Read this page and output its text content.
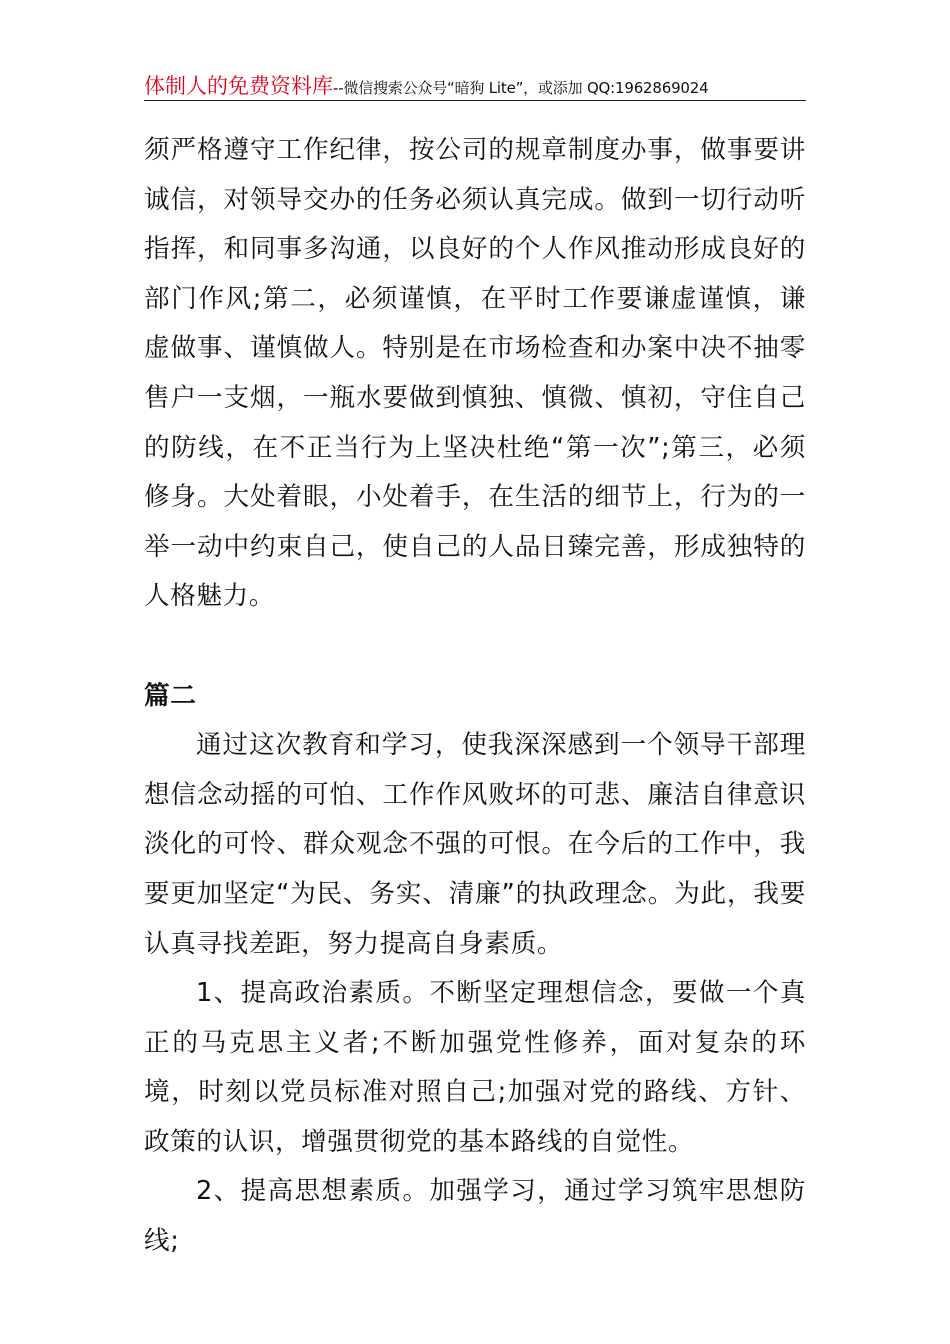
体制人的免费资料库--微信搜索公众号“暗狗 Lite”，或添加 QQ:1962869024

须严格遵守工作纪律，按公司的规章制度办事，做事要讲诚信，对领导交办的任务必须认真完成。做到一切行动听指挥，和同事多沟通，以良好的个人作风推动形成良好的部门作风;第二，必须谨慎，在平时工作要谦虚谨慎，谦虚做事、谨慎做人。特别是在市场检查和办案中决不抽零售户一支烟，一瓶水要做到慎独、慎微、慎初，守住自己的防线，在不正当行为上坚决杜绝“第一次”;第三，必须修身。大处着眼，小处着手，在生活的细节上，行为的一举一动中约束自己，使自己的人品日臻完善，形成独特的人格魅力。

篇二

通过这次教育和学习，使我深深感到一个领导干部理想信念动摇的可怕、工作作风败坏的可悲、廉洁自律意识淡化的可怜、群众观念不强的可恨。在今后的工作中，我要更加坚定“为民、务实、清廉”的执政理念。为此，我要认真寻找差距，努力提高自身素质。

1、提高政治素质。不断坚定理想信念，要做一个真正的马克思主义者;不断加强党性修养，面对复杂的环境，时刻以党员标准对照自己;加强对党的路线、方针、政策的认识，增强贯彻党的基本路线的自觉性。

2、提高思想素质。加强学习，通过学习筑牢思想防线;
